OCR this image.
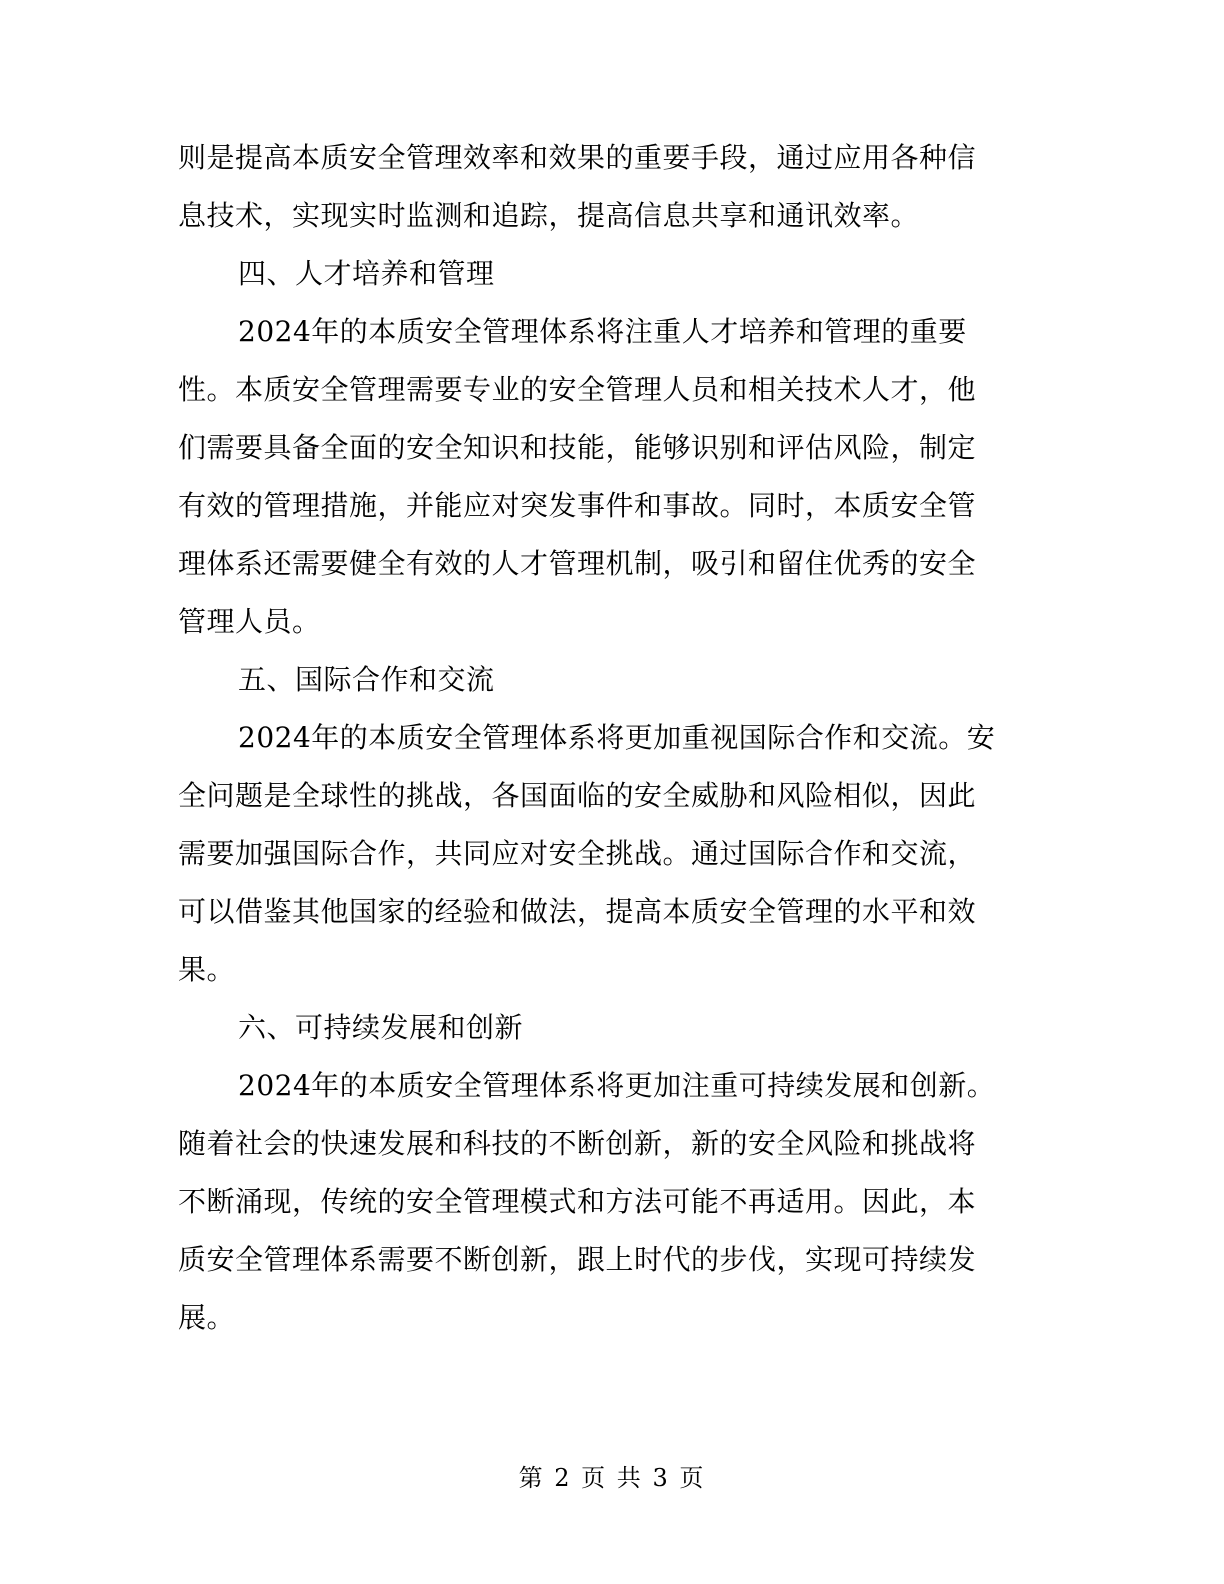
则是提高本质安全管理效率和效果的重要手段，通过应用各种信
息技术，实现实时监测和追踪，提高信息共享和通讯效率。
四、人才培养和管理
2024年的本质安全管理体系将注重人才培养和管理的重要
性。本质安全管理需要专业的安全管理人员和相关技术人才，他
们需要具备全面的安全知识和技能，能够识别和评估风险，制定
有效的管理措施，并能应对突发事件和事故。同时，本质安全管
理体系还需要健全有效的人才管理机制，吸引和留住优秀的安全
管理人员。
五、国际合作和交流
2024年的本质安全管理体系将更加重视国际合作和交流。安
全问题是全球性的挑战，各国面临的安全威胁和风险相似，因此
需要加强国际合作，共同应对安全挑战。通过国际合作和交流，
可以借鉴其他国家的经验和做法，提高本质安全管理的水平和效
果。
六、可持续发展和创新
2024年的本质安全管理体系将更加注重可持续发展和创新。
随着社会的快速发展和科技的不断创新，新的安全风险和挑战将
不断涌现，传统的安全管理模式和方法可能不再适用。因此，本
质安全管理体系需要不断创新，跟上时代的步伐，实现可持续发
展。
第 2 页 共 3 页
